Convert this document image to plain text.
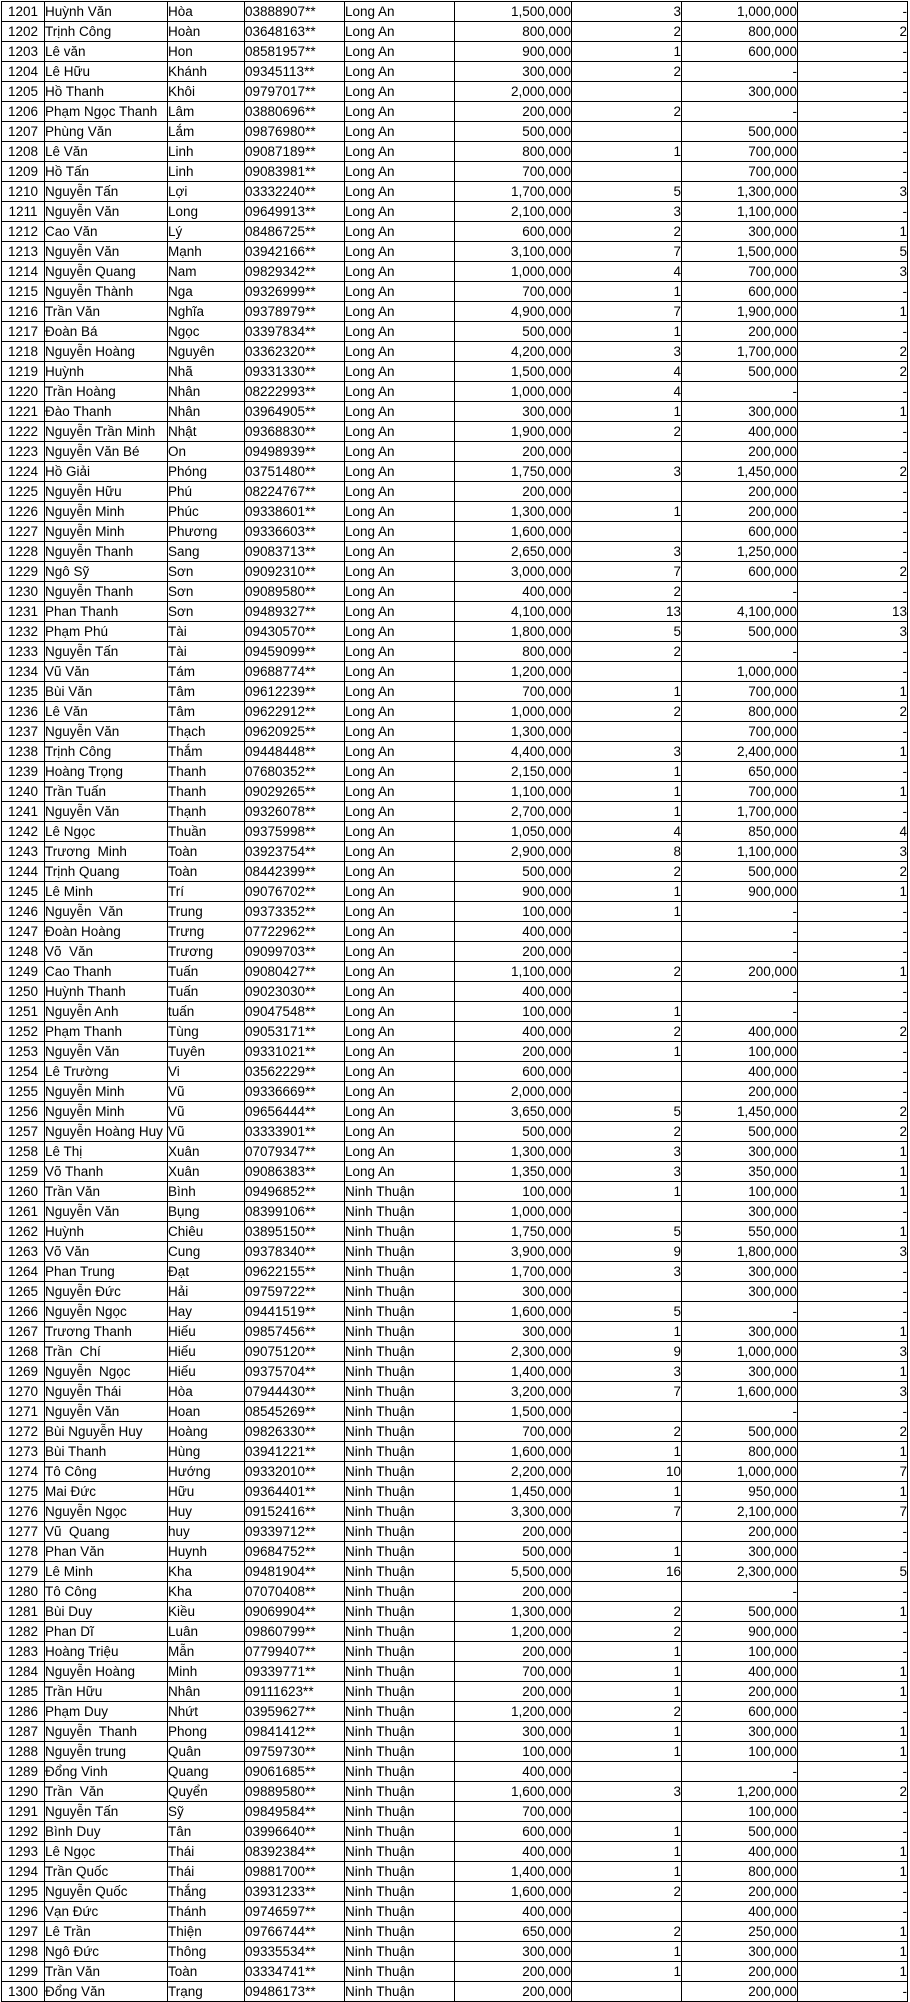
1201	Huỳnh Văn	Hòa	03888907**	Long An	1,500,000	3	1,000,000	-
1202	Trịnh Công	Hoàn	03648163**	Long An	800,000	2	800,000	2
1203	Lê văn	Hon	08581957**	Long An	900,000	1	600,000	-
1204	Lê Hữu	Khánh	09345113**	Long An	300,000	2	-	-
1205	Hồ Thanh	Khôi	09797017**	Long An	2,000,000		300,000	-
1206	Phạm Ngọc Thanh	Lâm	03880696**	Long An	200,000	2	-	-
1207	Phùng Văn	Lắm	09876980**	Long An	500,000		500,000	-
1208	Lê Văn	Linh	09087189**	Long An	800,000	1	700,000	-
1209	Hồ Tấn	Linh	09083981**	Long An	700,000		700,000	-
1210	Nguyễn Tấn	Lợi	03332240**	Long An	1,700,000	5	1,300,000	3
1211	Nguyễn Văn	Long	09649913**	Long An	2,100,000	3	1,100,000	-
1212	Cao Văn	Lý	08486725**	Long An	600,000	2	300,000	1
1213	Nguyễn Văn	Mạnh	03942166**	Long An	3,100,000	7	1,500,000	5
1214	Nguyễn Quang	Nam	09829342**	Long An	1,000,000	4	700,000	3
1215	Nguyễn Thành	Nga	09326999**	Long An	700,000	1	600,000	-
1216	Trần Văn	Nghĩa	09378979**	Long An	4,900,000	7	1,900,000	1
1217	Đoàn Bá	Ngọc	03397834**	Long An	500,000	1	200,000	-
1218	Nguyễn Hoàng	Nguyên	03362320**	Long An	4,200,000	3	1,700,000	2
1219	Huỳnh	Nhã	09331330**	Long An	1,500,000	4	500,000	2
1220	Trần Hoàng	Nhân	08222993**	Long An	1,000,000	4	-	-
1221	Đào Thanh	Nhân	03964905**	Long An	300,000	1	300,000	1
1222	Nguyễn Trần Minh	Nhật	09368830**	Long An	1,900,000	2	400,000	-
1223	Nguyễn Văn Bé	On	09498939**	Long An	200,000		200,000	-
1224	Hồ Giải	Phóng	03751480**	Long An	1,750,000	3	1,450,000	2
1225	Nguyễn Hữu	Phú	08224767**	Long An	200,000		200,000	-
1226	Nguyễn Minh	Phúc	09338601**	Long An	1,300,000	1	200,000	-
1227	Nguyễn Minh	Phương	09336603**	Long An	1,600,000		600,000	-
1228	Nguyễn Thanh	Sang	09083713**	Long An	2,650,000	3	1,250,000	-
1229	Ngô Sỹ	Sơn	09092310**	Long An	3,000,000	7	600,000	2
1230	Nguyễn Thanh	Sơn	09089580**	Long An	400,000	2	-	-
1231	Phan Thanh	Sơn	09489327**	Long An	4,100,000	13	4,100,000	13
1232	Phạm Phú	Tài	09430570**	Long An	1,800,000	5	500,000	3
1233	Nguyễn Tấn	Tài	09459099**	Long An	800,000	2	-	-
1234	Vũ Văn	Tám	09688774**	Long An	1,200,000		1,000,000	-
1235	Bùi Văn	Tâm	09612239**	Long An	700,000	1	700,000	1
1236	Lê Văn	Tâm	09622912**	Long An	1,000,000	2	800,000	2
1237	Nguyễn Văn	Thạch	09620925**	Long An	1,300,000		700,000	-
1238	Trịnh Công	Thắm	09448448**	Long An	4,400,000	3	2,400,000	1
1239	Hoàng Trọng	Thanh	07680352**	Long An	2,150,000	1	650,000	-
1240	Trần Tuấn	Thanh	09029265**	Long An	1,100,000	1	700,000	1
1241	Nguyễn Văn	Thạnh	09326078**	Long An	2,700,000	1	1,700,000	-
1242	Lê Ngọc	Thuần	09375998**	Long An	1,050,000	4	850,000	4
1243	Trương  Minh	Toàn	03923754**	Long An	2,900,000	8	1,100,000	3
1244	Trịnh Quang	Toàn	08442399**	Long An	500,000	2	500,000	2
1245	Lê Minh	Trí	09076702**	Long An	900,000	1	900,000	1
1246	Nguyễn  Văn	Trung	09373352**	Long An	100,000	1	-	-
1247	Đoàn Hoàng	Trưng	07722962**	Long An	400,000		-	-
1248	Võ  Văn	Trương	09099703**	Long An	200,000		-	-
1249	Cao Thanh	Tuấn	09080427**	Long An	1,100,000	2	200,000	1
1250	Huỳnh Thanh	Tuấn	09023030**	Long An	400,000		-	-
1251	Nguyễn Anh	tuấn	09047548**	Long An	100,000	1	-	-
1252	Phạm Thanh	Tùng	09053171**	Long An	400,000	2	400,000	2
1253	Nguyễn Văn	Tuyên	09331021**	Long An	200,000	1	100,000	-
1254	Lê Trường	Vi	03562229**	Long An	600,000		400,000	-
1255	Nguyễn Minh	Vũ	09336669**	Long An	2,000,000		200,000	-
1256	Nguyễn Minh	Vũ	09656444**	Long An	3,650,000	5	1,450,000	2
1257	Nguyễn Hoàng Huy	Vũ	03333901**	Long An	500,000	2	500,000	2
1258	Lê Thị	Xuân	07079347**	Long An	1,300,000	3	300,000	1
1259	Võ Thanh	Xuân	09086383**	Long An	1,350,000	3	350,000	1
1260	Trần Văn	Bình	09496852**	Ninh Thuận	100,000	1	100,000	1
1261	Nguyễn Văn	Bụng	08399106**	Ninh Thuận	1,000,000		300,000	-
1262	Huỳnh	Chiêu	03895150**	Ninh Thuận	1,750,000	5	550,000	1
1263	Võ Văn	Cung	09378340**	Ninh Thuận	3,900,000	9	1,800,000	3
1264	Phan Trung	Đạt	09622155**	Ninh Thuận	1,700,000	3	300,000	-
1265	Nguyễn Đức	Hải	09759722**	Ninh Thuận	300,000		300,000	-
1266	Nguyễn Ngọc	Hay	09441519**	Ninh Thuận	1,600,000	5	-	-
1267	Trương Thanh	Hiếu	09857456**	Ninh Thuận	300,000	1	300,000	1
1268	Trần  Chí	Hiếu	09075120**	Ninh Thuận	2,300,000	9	1,000,000	3
1269	Nguyễn  Ngọc	Hiếu	09375704**	Ninh Thuận	1,400,000	3	300,000	1
1270	Nguyễn Thái	Hòa	07944430**	Ninh Thuận	3,200,000	7	1,600,000	3
1271	Nguyễn Văn	Hoan	08545269**	Ninh Thuận	1,500,000		-	-
1272	Bùi Nguyễn Huy	Hoàng	09826330**	Ninh Thuận	700,000	2	500,000	2
1273	Bùi Thanh	Hùng	03941221**	Ninh Thuận	1,600,000	1	800,000	1
1274	Tô Công	Hướng	09332010**	Ninh Thuận	2,200,000	10	1,000,000	7
1275	Mai Đức	Hữu	09364401**	Ninh Thuận	1,450,000	1	950,000	1
1276	Nguyễn Ngọc	Huy	09152416**	Ninh Thuận	3,300,000	7	2,100,000	7
1277	Vũ  Quang	huy	09339712**	Ninh Thuận	200,000		200,000	-
1278	Phan Văn	Huynh	09684752**	Ninh Thuận	500,000	1	300,000	-
1279	Lê Minh	Kha	09481904**	Ninh Thuận	5,500,000	16	2,300,000	5
1280	Tô Công	Kha	07070408**	Ninh Thuận	200,000		-	-
1281	Bùi Duy	Kiều	09069904**	Ninh Thuận	1,300,000	2	500,000	1
1282	Phan Dĩ	Luân	09860799**	Ninh Thuận	1,200,000	2	900,000	-
1283	Hoàng Triệu	Mẫn	07799407**	Ninh Thuận	200,000	1	100,000	-
1284	Nguyễn Hoàng	Minh	09339771**	Ninh Thuận	700,000	1	400,000	1
1285	Trần Hữu	Nhân	09111623**	Ninh Thuận	200,000	1	200,000	1
1286	Phạm Duy	Nhứt	03959627**	Ninh Thuận	1,200,000	2	600,000	-
1287	Nguyễn  Thanh	Phong	09841412**	Ninh Thuận	300,000	1	300,000	1
1288	Nguyễn trung	Quân	09759730**	Ninh Thuận	100,000	1	100,000	1
1289	Đổng Vinh	Quang	09061685**	Ninh Thuận	400,000		-	-
1290	Trần  Văn	Quyển	09889580**	Ninh Thuận	1,600,000	3	1,200,000	2
1291	Nguyễn Tấn	Sỹ	09849584**	Ninh Thuận	700,000		100,000	-
1292	Bình Duy	Tân	03996640**	Ninh Thuận	600,000	1	500,000	-
1293	Lê Ngọc	Thái	08392384**	Ninh Thuận	400,000	1	400,000	1
1294	Trần Quốc	Thái	09881700**	Ninh Thuận	1,400,000	1	800,000	1
1295	Nguyễn Quốc	Thắng	03931233**	Ninh Thuận	1,600,000	2	200,000	-
1296	Vạn Đức	Thánh	09746597**	Ninh Thuận	400,000		400,000	-
1297	Lê Trần	Thiện	09766744**	Ninh Thuận	650,000	2	250,000	1
1298	Ngô Đức	Thông	09335534**	Ninh Thuận	300,000	1	300,000	1
1299	Trần Văn	Toàn	03334741**	Ninh Thuận	200,000	1	200,000	1
1300	Đổng Văn	Trạng	09486173**	Ninh Thuận	200,000		200,000	-
